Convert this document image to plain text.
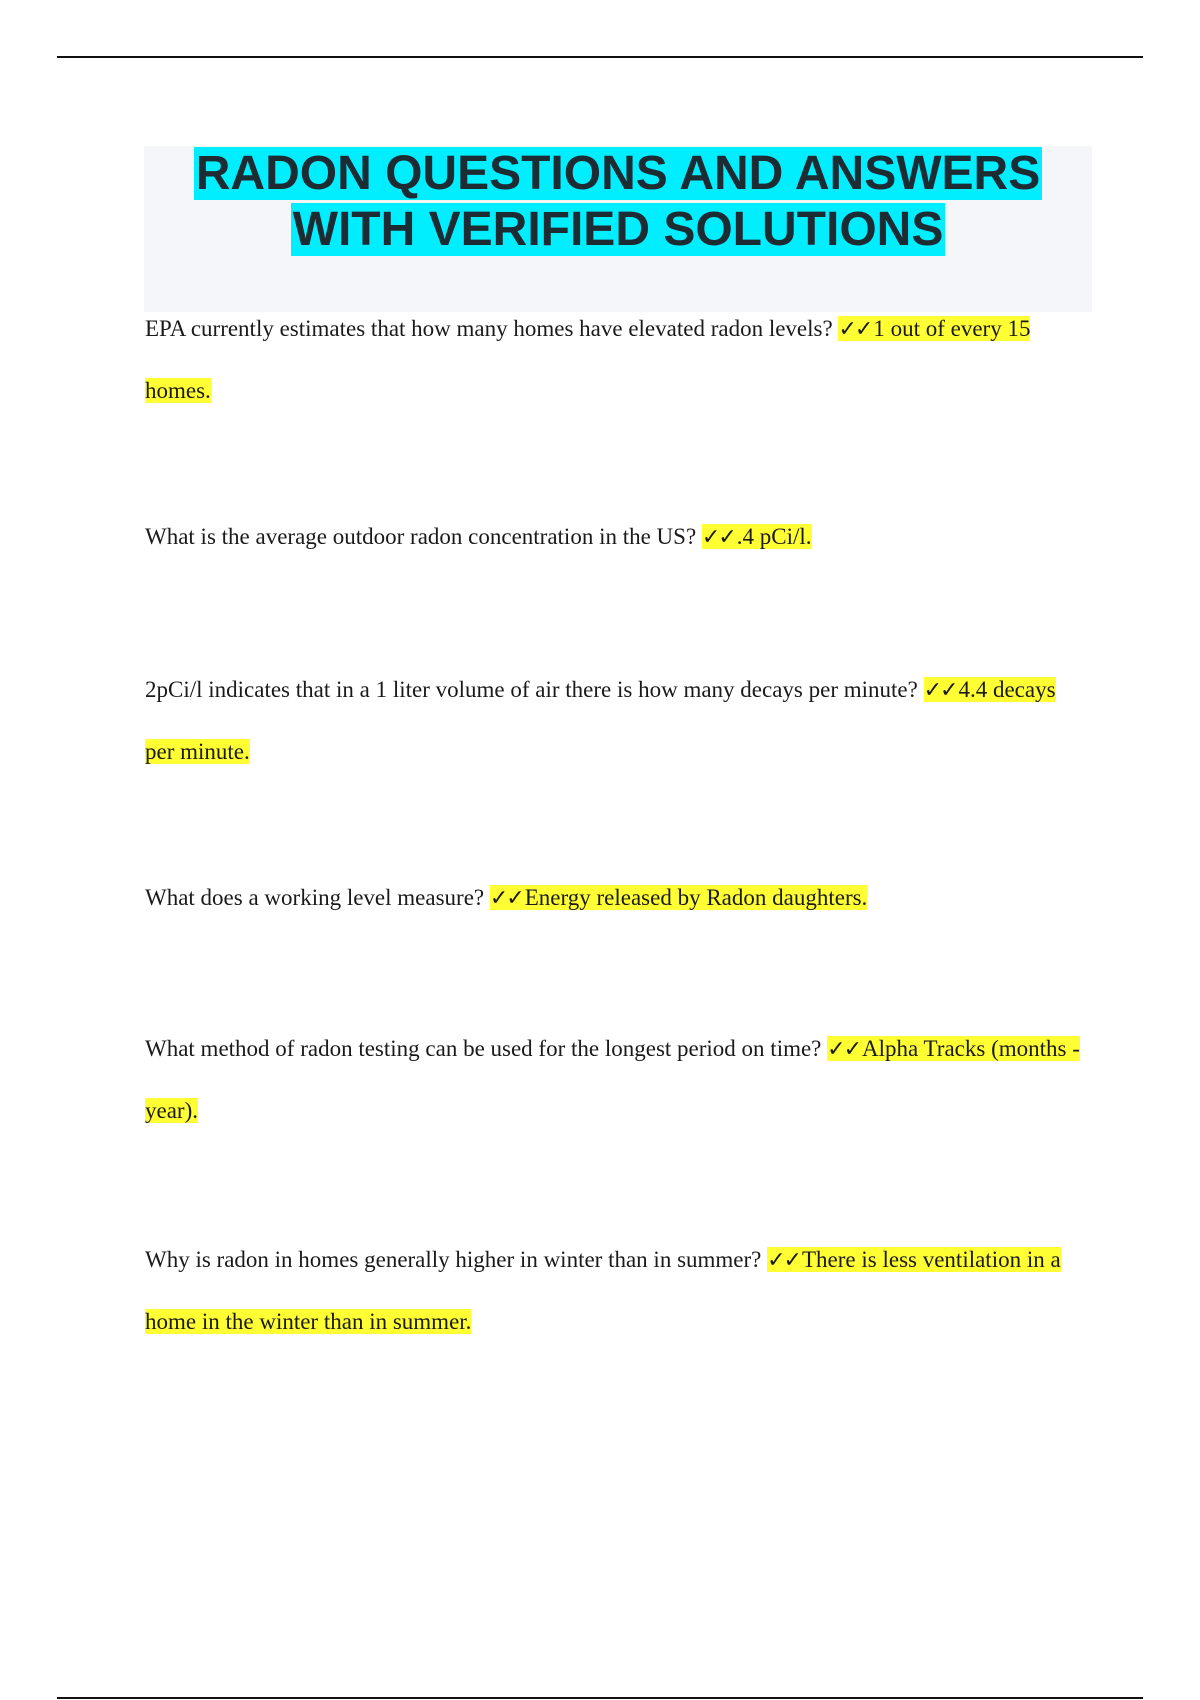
RADON QUESTIONS AND ANSWERS
WITH VERIFIED SOLUTIONS
EPA currently estimates that how many homes have elevated radon levels? ✓✓1 out of every 15 homes.
What is the average outdoor radon concentration in the US? ✓✓.4 pCi/l.
2pCi/l indicates that in a 1 liter volume of air there is how many decays per minute? ✓✓4.4 decays per minute.
What does a working level measure? ✓✓Energy released by Radon daughters.
What method of radon testing can be used for the longest period on time? ✓✓Alpha Tracks (months - year).
Why is radon in homes generally higher in winter than in summer? ✓✓There is less ventilation in a home in the winter than in summer.
